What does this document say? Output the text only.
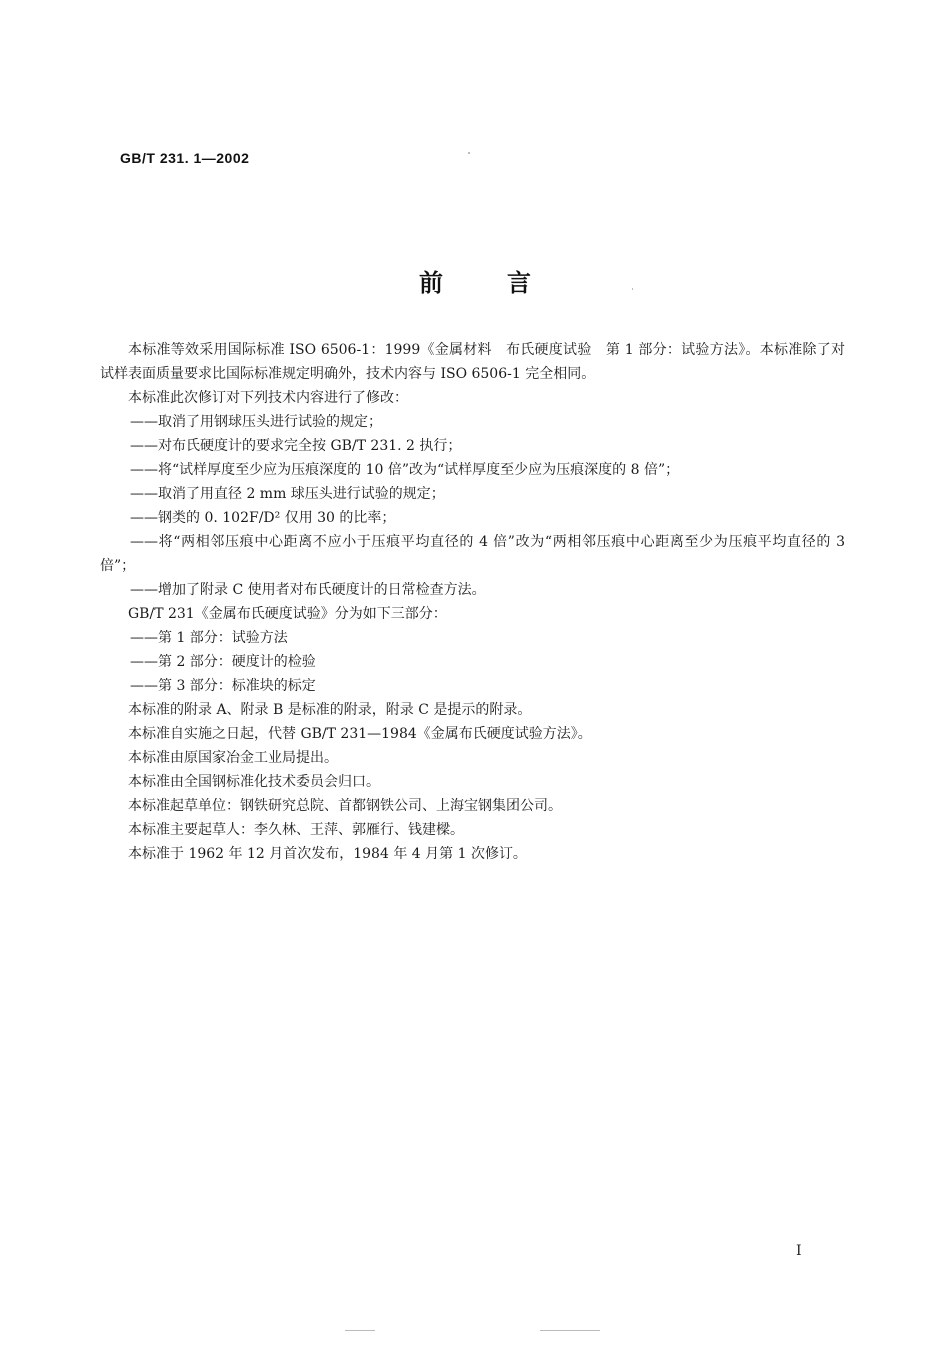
GB/T 231. 1—2002
前	言

本标准等效采用国际标准 ISO 6506-1：1999《金属材料　布氏硬度试验　第 1 部分：试验方法》。本标准除了对试样表面质量要求比国际标准规定明确外，技术内容与 ISO 6506-1 完全相同。

本标准此次修订对下列技术内容进行了修改：

——取消了用钢球压头进行试验的规定；

——对布氏硬度计的要求完全按 GB/T 231. 2 执行；

——将“试样厚度至少应为压痕深度的 10 倍”改为“试样厚度至少应为压痕深度的 8 倍”；

——取消了用直径 2 mm 球压头进行试验的规定；

——钢类的 0. 102F/D² 仅用 30 的比率；

——将“两相邻压痕中心距离不应小于压痕平均直径的 4 倍”改为“两相邻压痕中心距离至少为压痕平均直径的 3 倍”；

——增加了附录 C 使用者对布氏硬度计的日常检查方法。

GB/T 231《金属布氏硬度试验》分为如下三部分：

——第 1 部分：试验方法

——第 2 部分：硬度计的检验

——第 3 部分：标准块的标定

本标准的附录 A、附录 B 是标准的附录，附录 C 是提示的附录。

本标准自实施之日起，代替 GB/T 231—1984《金属布氏硬度试验方法》。

本标准由原国家冶金工业局提出。

本标准由全国钢标准化技术委员会归口。

本标准起草单位：钢铁研究总院、首都钢铁公司、上海宝钢集团公司。

本标准主要起草人：李久林、王萍、郭雁行、钱建樑。

本标准于 1962 年 12 月首次发布，1984 年 4 月第 1 次修订。

I
